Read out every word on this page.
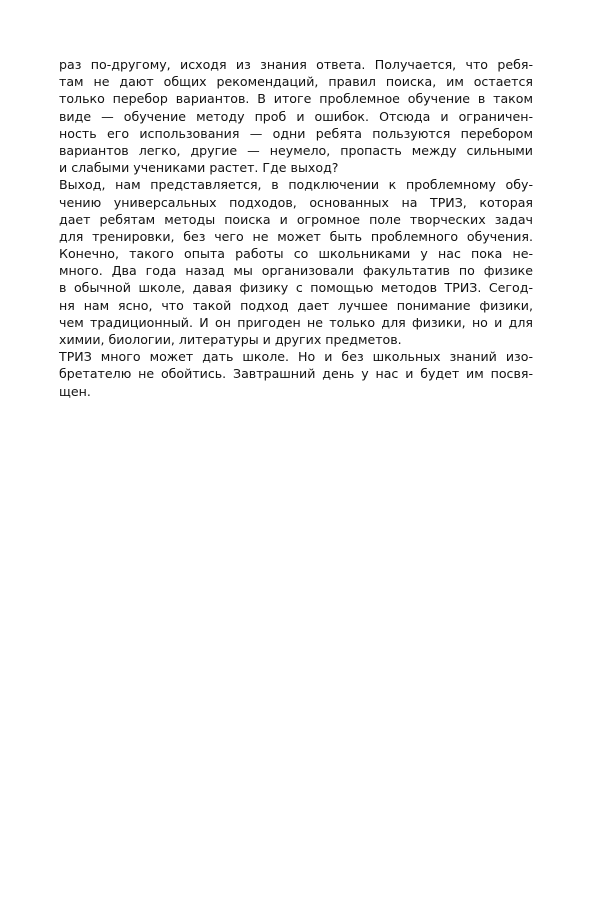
раз по-другому, исходя из знания ответа. Получается, что ребя-
там не дают общих рекомендаций, правил поиска, им остается
только перебор вариантов. В итоге проблемное обучение в таком
виде — обучение методу проб и ошибок. Отсюда и ограничен-
ность его использования — одни ребята пользуются перебором
вариантов легко, другие — неумело, пропасть между сильными
и слабыми учениками растет. Где выход?
Выход, нам представляется, в подключении к проблемному обу-
чению универсальных подходов, основанных на ТРИЗ, которая
дает ребятам методы поиска и огромное поле творческих задач
для тренировки, без чего не может быть проблемного обучения.
Конечно, такого опыта работы со школьниками у нас пока не-
много. Два года назад мы организовали факультатив по физике
в обычной школе, давая физику с помощью методов ТРИЗ. Сегод-
ня нам ясно, что такой подход дает лучшее понимание физики,
чем традиционный. И он пригоден не только для физики, но и для
химии, биологии, литературы и других предметов.
ТРИЗ много может дать школе. Но и без школьных знаний изо-
бретателю не обойтись. Завтрашний день у нас и будет им посвя-
щен.
